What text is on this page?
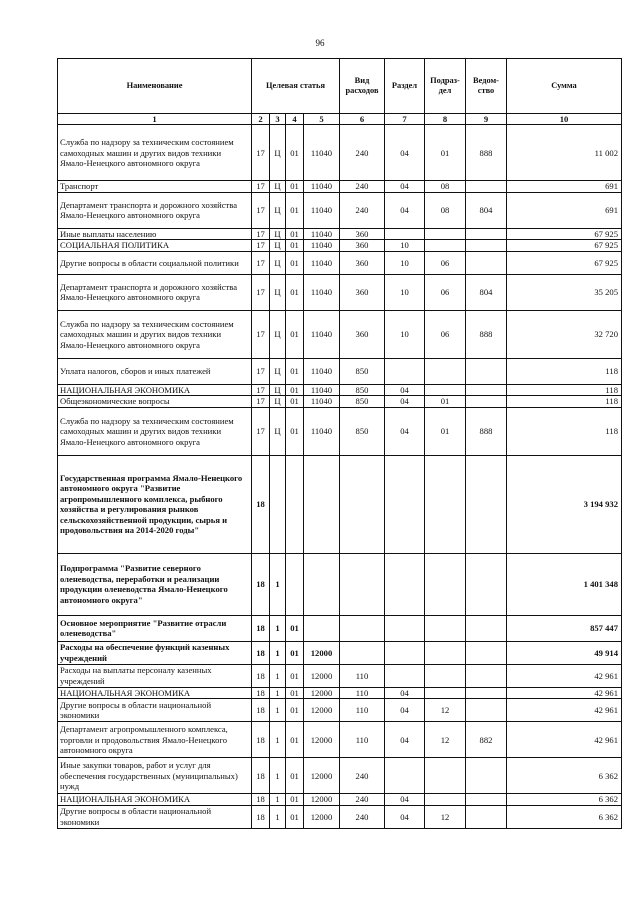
96
Наименование	Целевая статья				Вид расходов	Раздел	Подраз-дел	Ведом-ство	Сумма
1	2	3	4	5	6	7	8	9	10
Служба по надзору за техническим состоянием самоходных машин и других видов техники Ямало-Ненецкого автономного округа	17	Ц	01	11040	240	04	01	888	11 002
Транспорт	17	Ц	01	11040	240	04	08		691
Департамент транспорта и дорожного хозяйства Ямало-Ненецкого автономного округа	17	Ц	01	11040	240	04	08	804	691
Иные выплаты населению	17	Ц	01	11040	360				67 925
СОЦИАЛЬНАЯ ПОЛИТИКА	17	Ц	01	11040	360	10			67 925
Другие вопросы в области социальной политики	17	Ц	01	11040	360	10	06		67 925
Департамент транспорта и дорожного хозяйства Ямало-Ненецкого автономного округа	17	Ц	01	11040	360	10	06	804	35 205
Служба по надзору за техническим состоянием самоходных машин и других видов техники Ямало-Ненецкого автономного округа	17	Ц	01	11040	360	10	06	888	32 720
Уплата налогов, сборов и иных платежей	17	Ц	01	11040	850				118
НАЦИОНАЛЬНАЯ ЭКОНОМИКА	17	Ц	01	11040	850	04			118
Общеэкономические вопросы	17	Ц	01	11040	850	04	01		118
Служба по надзору за техническим состоянием самоходных машин и других видов техники Ямало-Ненецкого автономного округа	17	Ц	01	11040	850	04	01	888	118
Государственная программа Ямало-Ненецкого автономного округа "Развитие агропромышленного комплекса, рыбного хозяйства и регулирования рынков сельскохозяйственной продукции, сырья и продовольствия на 2014-2020 годы"	18								3 194 932
Подпрограмма "Развитие северного оленеводства, переработки и реализации продукции оленеводства Ямало-Ненецкого автономного округа"	18	1							1 401 348
Основное мероприятие "Развитие отрасли оленеводства"	18	1	01						857 447
Расходы на обеспечение функций казенных учреждений	18	1	01	12000					49 914
Расходы на выплаты персоналу казенных учреждений	18	1	01	12000	110				42 961
НАЦИОНАЛЬНАЯ ЭКОНОМИКА	18	1	01	12000	110	04			42 961
Другие вопросы в области национальной экономики	18	1	01	12000	110	04	12		42 961
Департамент агропромышленного комплекса, торговли и продовольствия Ямало-Ненецкого автономного округа	18	1	01	12000	110	04	12	882	42 961
Иные закупки товаров, работ и услуг для обеспечения государственных (муниципальных) нужд	18	1	01	12000	240				6 362
НАЦИОНАЛЬНАЯ ЭКОНОМИКА	18	1	01	12000	240	04			6 362
Другие вопросы в области национальной экономики	18	1	01	12000	240	04	12		6 362
